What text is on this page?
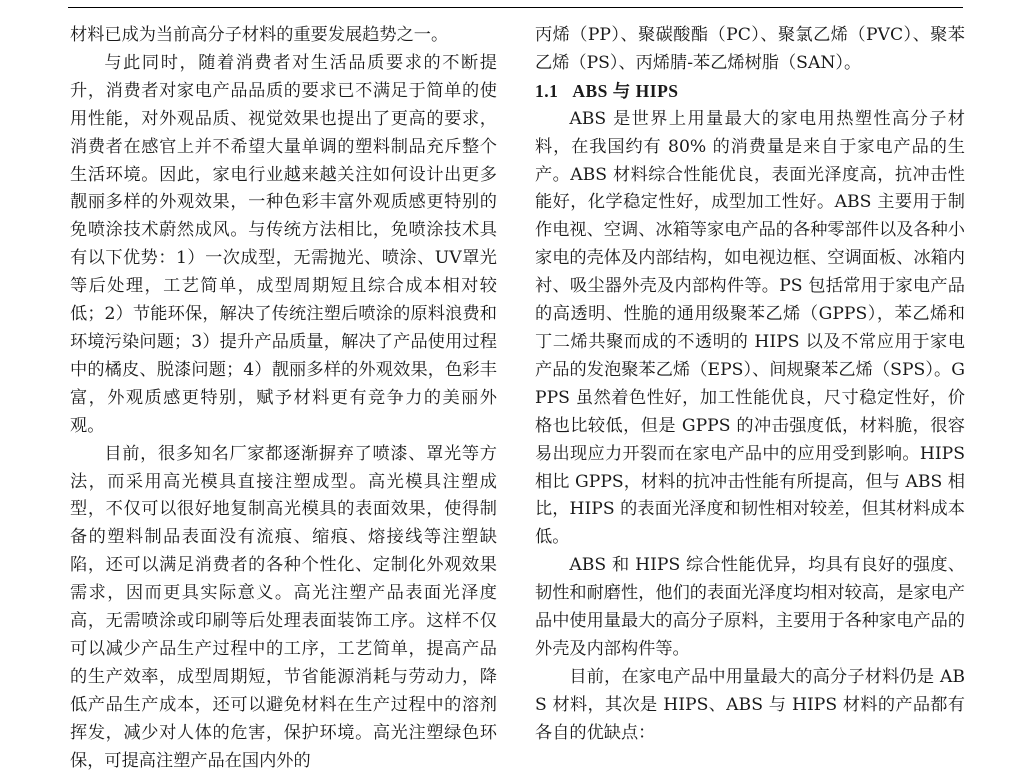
材料已成为当前高分子材料的重要发展趋势之一。

与此同时，随着消费者对生活品质要求的不断提升，消费者对家电产品品质的要求已不满足于简单的使用性能，对外观品质、视觉效果也提出了更高的要求，消费者在感官上并不希望大量单调的塑料制品充斥整个生活环境。因此，家电行业越来越关注如何设计出更多靓丽多样的外观效果，一种色彩丰富外观质感更特别的免喷涂技术蔚然成风。与传统方法相比，免喷涂技术具有以下优势：1）一次成型，无需抛光、喷涂、UV罩光等后处理，工艺简单，成型周期短且综合成本相对较低；2）节能环保，解决了传统注塑后喷涂的原料浪费和环境污染问题；3）提升产品质量，解决了产品使用过程中的橘皮、脱漆问题；4）靓丽多样的外观效果，色彩丰富，外观质感更特别，赋予材料更有竞争力的美丽外观。

目前，很多知名厂家都逐渐摒弃了喷漆、罩光等方法，而采用高光模具直接注塑成型。高光模具注塑成型，不仅可以很好地复制高光模具的表面效果，使得制备的塑料制品表面没有流痕、缩痕、熔接线等注塑缺陷，还可以满足消费者的各种个性化、定制化外观效果需求，因而更具实际意义。高光注塑产品表面光泽度高，无需喷涂或印刷等后处理表面装饰工序。这样不仅可以减少产品生产过程中的工序，工艺简单，提高产品的生产效率，成型周期短，节省能源消耗与劳动力，降低产品生产成本，还可以避免材料在生产过程中的溶剂挥发，减少对人体的危害，保护环境。高光注塑绿色环保，可提高注塑产品在国内外的

丙烯（PP）、聚碳酸酯（PC）、聚氯乙烯（PVC）、聚苯乙烯（PS）、丙烯腈-苯乙烯树脂（SAN）。

1.1 ABS 与 HIPS

ABS 是世界上用量最大的家电用热塑性高分子材料，在我国约有 80% 的消费量是来自于家电产品的生产。ABS 材料综合性能优良，表面光泽度高，抗冲击性能好，化学稳定性好，成型加工性好。ABS 主要用于制作电视、空调、冰箱等家电产品的各种零部件以及各种小家电的壳体及内部结构，如电视边框、空调面板、冰箱内衬、吸尘器外壳及内部构件等。PS 包括常用于家电产品的高透明、性脆的通用级聚苯乙烯（GPPS），苯乙烯和丁二烯共聚而成的不透明的 HIPS 以及不常应用于家电产品的发泡聚苯乙烯（EPS）、间规聚苯乙烯（SPS）。GPPS 虽然着色性好，加工性能优良，尺寸稳定性好，价格也比较低，但是 GPPS 的冲击强度低，材料脆，很容易出现应力开裂而在家电产品中的应用受到影响。HIPS 相比 GPPS，材料的抗冲击性能有所提高，但与 ABS 相比，HIPS 的表面光泽度和韧性相对较差，但其材料成本低。

ABS 和 HIPS 综合性能优异，均具有良好的强度、韧性和耐磨性，他们的表面光泽度均相对较高，是家电产品中使用量最大的高分子原料，主要用于各种家电产品的外壳及内部构件等。

目前，在家电产品中用量最大的高分子材料仍是 ABS 材料，其次是 HIPS、ABS 与 HIPS 材料的产品都有各自的优缺点：
